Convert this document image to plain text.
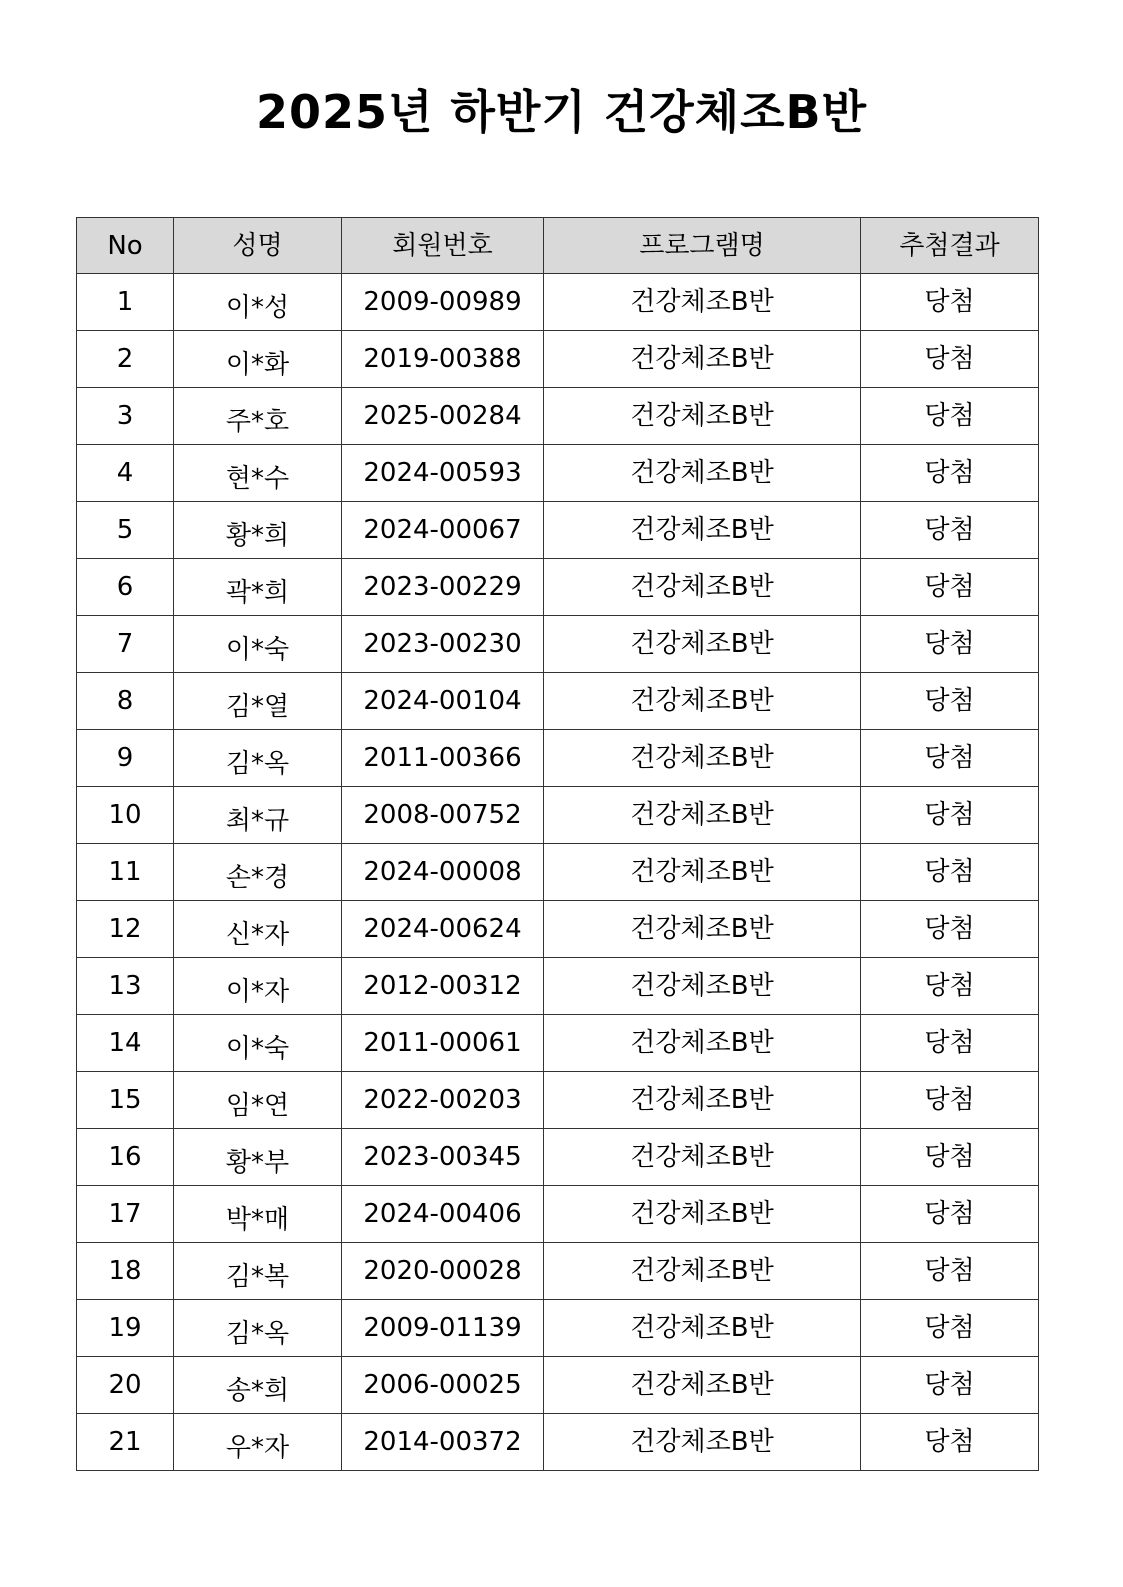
2025년 하반기 건강체조B반
No	성명	회원번호	프로그램명	추첨결과
1	이*성	2009-00989	건강체조B반	당첨
2	이*화	2019-00388	건강체조B반	당첨
3	주*호	2025-00284	건강체조B반	당첨
4	현*수	2024-00593	건강체조B반	당첨
5	황*희	2024-00067	건강체조B반	당첨
6	곽*희	2023-00229	건강체조B반	당첨
7	이*숙	2023-00230	건강체조B반	당첨
8	김*열	2024-00104	건강체조B반	당첨
9	김*옥	2011-00366	건강체조B반	당첨
10	최*규	2008-00752	건강체조B반	당첨
11	손*경	2024-00008	건강체조B반	당첨
12	신*자	2024-00624	건강체조B반	당첨
13	이*자	2012-00312	건강체조B반	당첨
14	이*숙	2011-00061	건강체조B반	당첨
15	임*연	2022-00203	건강체조B반	당첨
16	황*부	2023-00345	건강체조B반	당첨
17	박*매	2024-00406	건강체조B반	당첨
18	김*복	2020-00028	건강체조B반	당첨
19	김*옥	2009-01139	건강체조B반	당첨
20	송*희	2006-00025	건강체조B반	당첨
21	우*자	2014-00372	건강체조B반	당첨
